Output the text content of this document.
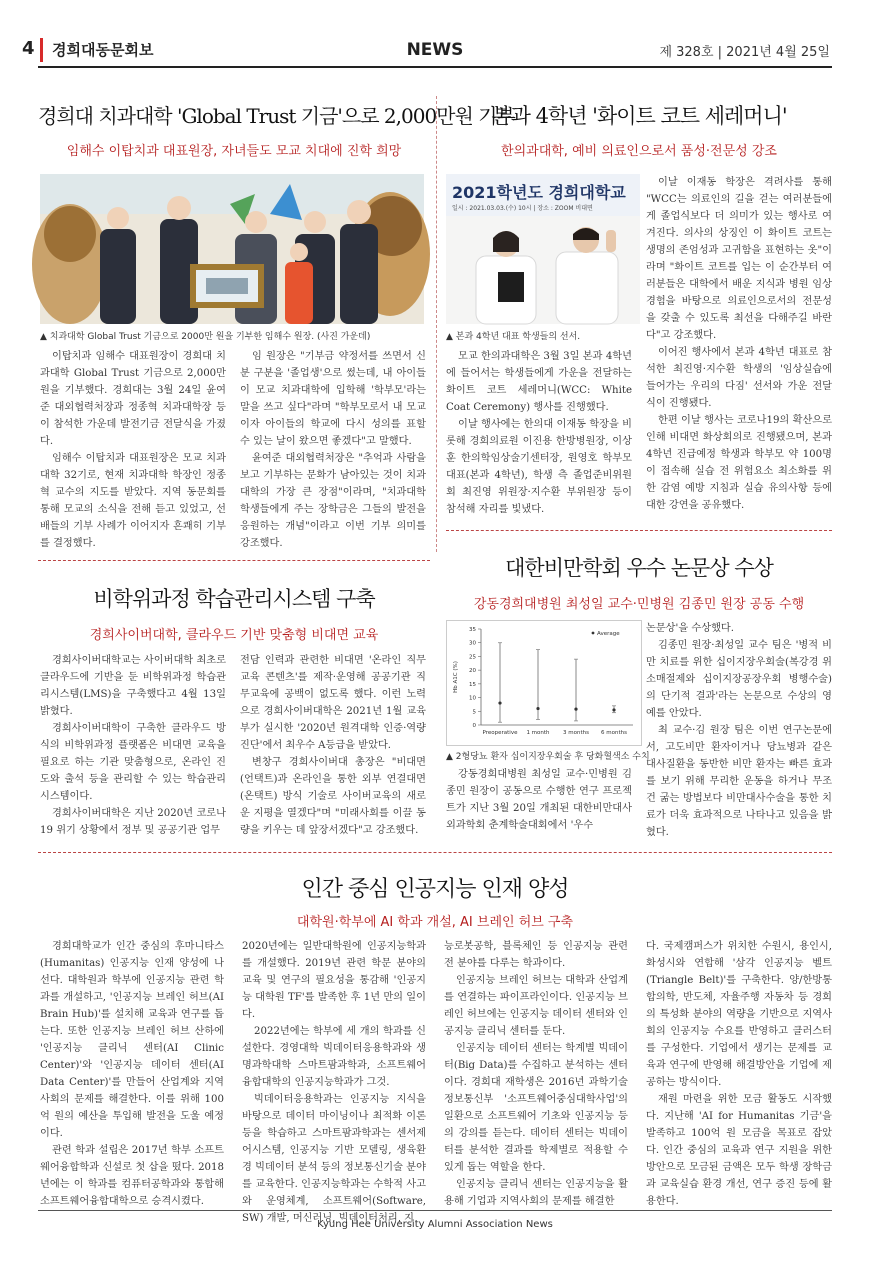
4 경희대동문회보	NEWS	제 328호 | 2021년 4월 25일
경희대 치과대학 'Global Trust 기금'으로 2,000만원 기부
임해수 이탑치과 대표원장, 자녀들도 모교 치대에 진학 희망
▲ 치과대학 Global Trust 기금으로 2000만 원을 기부한 임해수 원장. (사진 가운데)

이탑치과 임해수 대표원장이 경희대 치과대학 Global Trust 기금으로 2,000만원을 기부했다. 경희대는 3월 24일 윤여준 대외협력처장과 정종혁 치과대학장 등이 참석한 가운데 발전기금 전달식을 가졌다.

임해수 이탑치과 대표원장은 모교 치과대학 32기로, 현재 치과대학 학장인 정종혁 교수의 지도를 받았다. 지역 동문회를 통해 모교의 소식을 전해 듣고 있었고, 선배들의 기부 사례가 이어지자 흔쾌히 기부를 결정했다.

임 원장은 "기부금 약정서를 쓰면서 신분 구분을 '졸업생'으로 썼는데, 내 아이들이 모교 치과대학에 입학해 '학부모'라는 말을 쓰고 싶다"라며 "학부모로서 내 모교이자 아이들의 학교에 다시 성의를 표할 수 있는 날이 왔으면 좋겠다"고 말했다.

윤여준 대외협력처장은 "추억과 사람을 보고 기부하는 문화가 남아있는 것이 치과대학의 가장 큰 장점"이라며, "치과대학 학생들에게 주는 장학금은 그들의 발전을 응원하는 개념"이라고 이번 기부 의미를 강조했다.

본과 4학년 '화이트 코트 세레머니'
한의과대학, 예비 의료인으로서 품성·전문성 강조
2021학년도 경희대학교
일시 : 2021.03.03.(수) 10시 | 장소 : ZOOM 비대면
▲ 본과 4학년 대표 학생들의 선서.

모교 한의과대학은 3월 3일 본과 4학년에 들어서는 학생들에게 가운을 전달하는 화이트 코트 세레머니(WCC: White Coat Ceremony) 행사를 진행했다.

이날 행사에는 한의대 이재동 학장을 비롯해 경희의료원 이진용 한방병원장, 이상훈 한의학임상술기센터장, 원영호 학부모대표(본과 4학년), 학생 측 졸업준비위원회 최진영 위원장·지수환 부위원장 등이 참석해 자리를 빛냈다.

이날 이재동 학장은 격려사를 통해 "WCC는 의료인의 길을 걷는 여러분들에게 졸업식보다 더 의미가 있는 행사로 여겨진다. 의사의 상징인 이 화이트 코트는 생명의 존엄성과 고귀함을 표현하는 옷"이라며 "화이트 코트를 입는 이 순간부터 여러분들은 대학에서 배운 지식과 병원 임상경험을 바탕으로 의료인으로서의 전문성을 갖출 수 있도록 최선을 다해주길 바란다"고 강조했다.

이어진 행사에서 본과 4학년 대표로 참석한 최진영·지수환 학생의 '임상실습에 들어가는 우리의 다짐' 선서와 가운 전달식이 진행됐다.

한편 이날 행사는 코로나19의 확산으로 인해 비대면 화상회의로 진행됐으며, 본과 4학년 진급예정 학생과 학부모 약 100명이 접속해 실습 전 위험요소 최소화를 위한 감염 예방 지침과 실습 유의사항 등에 대한 강연을 공유했다.

대한비만학회 우수 논문상 수상
강동경희대병원 최성일 교수·민병원 김종민 원장 공동 수행
0
5
10
15
20
25
30
35
Hb A1C (%)
Preoperative 1 month 3 months 6 months
Average
▲ 2형당뇨 환자 십이지장우회술 후 당화혈색소 수치

강동경희대병원 최성일 교수·민병원 김종민 원장이 공동으로 수행한 연구 프로젝트가 지난 3월 20일 개최된 대한비만대사외과학회 춘계학술대회에서 '우수

논문상'을 수상했다.

김종민 원장·최성일 교수 팀은 '병적 비만 치료를 위한 십이지장우회술(복강경 위소매절제와 십이지장공장우회 병행수술)의 단기적 결과'라는 논문으로 수상의 영예를 안았다.

최 교수·김 원장 팀은 이번 연구논문에서, 고도비만 환자이거나 당뇨병과 같은 대사질환을 동반한 비만 환자는 빠른 효과를 보기 위해 무리한 운동을 하거나 무조건 굶는 방법보다 비만대사수술을 통한 치료가 더욱 효과적으로 나타나고 있음을 밝혔다.

비학위과정 학습관리시스템 구축
경희사이버대학, 클라우드 기반 맞춤형 비대면 교육

경희사이버대학교는 사이버대학 최초로 클라우드에 기반을 둔 비학위과정 학습관리시스템(LMS)을 구축했다고 4월 13일 밝혔다.

경희사이버대학이 구축한 클라우드 방식의 비학위과정 플랫폼은 비대면 교육을 필요로 하는 기관 맞춤형으로, 온라인 진도와 출석 등을 관리할 수 있는 학습관리 시스템이다.

경희사이버대학은 지난 2020년 코로나19 위기 상황에서 정부 및 공공기관 업무

전담 인력과 관련한 비대면 '온라인 직무교육 콘텐츠'를 제작·운영해 공공기관 직무교육에 공백이 없도록 했다. 이런 노력으로 경희사이버대학은 2021년 1월 교육부가 실시한 '2020년 원격대학 인증·역량진단'에서 최우수 A등급을 받았다.

변창구 경희사이버대 총장은 "비대면(언택트)과 온라인을 통한 외부 연결대면(온택트) 방식 기술로 사이버교육의 새로운 지평을 열겠다"며 "미래사회를 이끌 동량을 키우는 데 앞장서겠다"고 강조했다.

인간 중심 인공지능 인재 양성
대학원·학부에 AI 학과 개설, AI 브레인 허브 구축

경희대학교가 인간 중심의 후마니타스(Humanitas) 인공지능 인재 양성에 나선다. 대학원과 학부에 인공지능 관련 학과를 개설하고, '인공지능 브레인 허브(AI Brain Hub)'를 설치해 교육과 연구를 돕는다. 또한 인공지능 브레인 허브 산하에 '인공지능 클리닉 센터(AI Clinic Center)'와 '인공지능 데이터 센터(AI Data Center)'를 만들어 산업계와 지역사회의 문제를 해결한다. 이를 위해 100억 원의 예산을 투입해 발전을 도울 예정이다.

관련 학과 설립은 2017년 학부 소프트웨어융합학과 신설로 첫 삽을 떴다. 2018년에는 이 학과를 컴퓨터공학과와 통합해 소프트웨어융합대학으로 승격시켰다.

2020년에는 일반대학원에 인공지능학과를 개설했다. 2019년 관련 학문 분야의 교육 및 연구의 필요성을 통감해 '인공지능 대학원 TF'를 발족한 후 1년 만의 일이다.

2022년에는 학부에 세 개의 학과를 신설한다. 경영대학 빅데이터응용학과와 생명과학대학 스마트팜과학과, 소프트웨어융합대학의 인공지능학과가 그것.

빅데이터응용학과는 인공지능 지식을 바탕으로 데이터 마이닝이나 최적화 이론 등을 학습하고 스마트팜과학과는 센서제어시스템, 인공지능 기반 모델링, 생육환경 빅데이터 분석 등의 정보통신기술 분야를 교육한다. 인공지능학과는 수학적 사고와 운영체계, 소프트웨어(Software, SW) 개발, 머신러닝, 빅데이터처리, 지

능로봇공학, 블록체인 등 인공지능 관련 전 분야를 다루는 학과이다.

인공지능 브레인 허브는 대학과 산업계를 연결하는 파이프라인이다. 인공지능 브레인 허브에는 인공지능 데이터 센터와 인공지능 클리닉 센터를 둔다.

인공지능 데이터 센터는 학계별 빅데이터(Big Data)를 수집하고 분석하는 센터이다. 경희대 재학생은 2016년 과학기술정보통신부 '소프트웨어중심대학사업'의 일환으로 소프트웨어 기초와 인공지능 등의 강의를 듣는다. 데이터 센터는 빅데이터를 분석한 결과를 학제별로 적용할 수 있게 돕는 역할을 한다.

인공지능 클리닉 센터는 인공지능을 활용해 기업과 지역사회의 문제를 해결한

다. 국제캠퍼스가 위치한 수원시, 용인시, 화성시와 연합해 '삼각 인공지능 벨트(Triangle Belt)'를 구축한다. 양/한방통합의학, 반도체, 자율주행 자동차 등 경희의 특성화 분야의 역량을 기반으로 지역사회의 인공지능 수요를 반영하고 클러스터를 구성한다. 기업에서 생기는 문제를 교육과 연구에 반영해 해결방안을 기업에 제공하는 방식이다.

재원 마련을 위한 모금 활동도 시작했다. 지난해 'AI for Humanitas 기금'을 발족하고 100억 원 모금을 목표로 잡았다. 인간 중심의 교육과 연구 지원을 위한 방안으로 모금된 금액은 모두 학생 장학금과 교육실습 환경 개선, 연구 증진 등에 활용한다.

Kyung Hee University Alumni Association News
